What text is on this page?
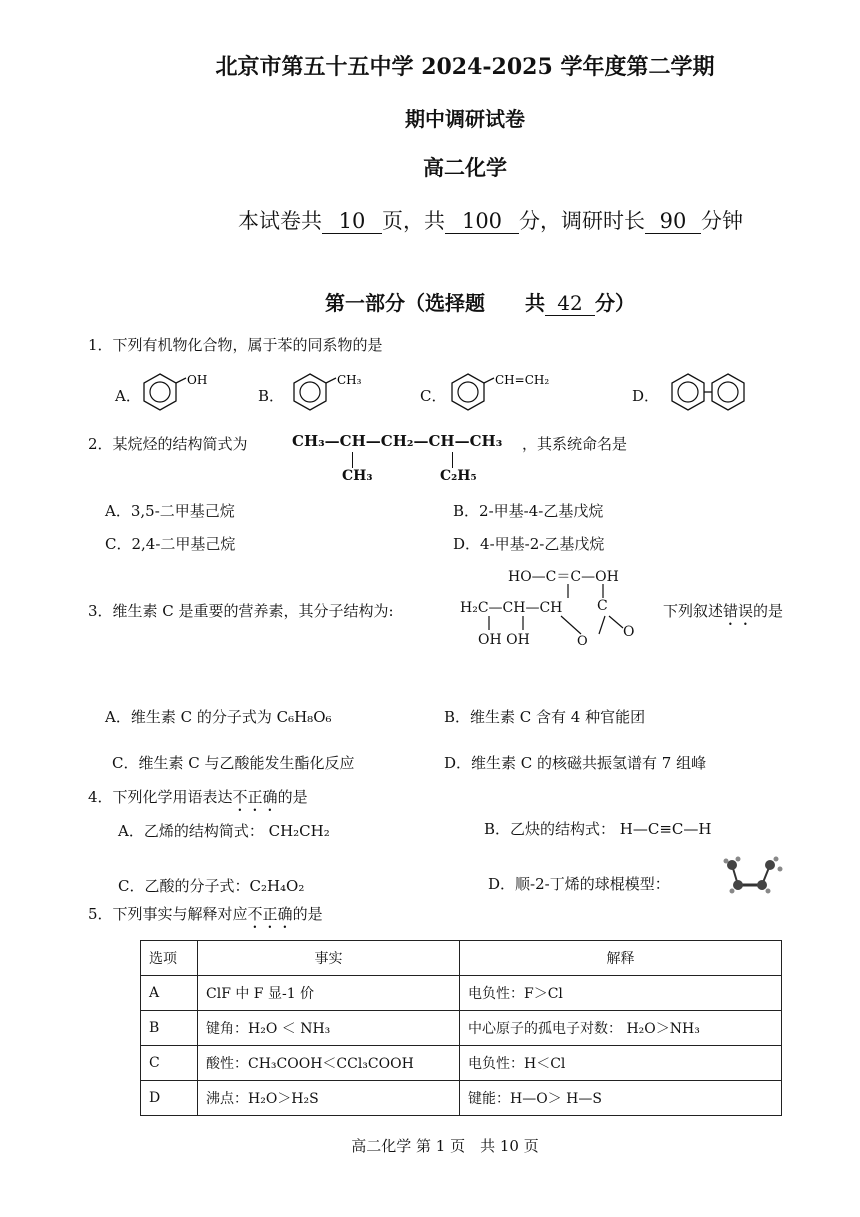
北京市第五十五中学 2024-2025 学年度第二学期
期中调研试卷
高二化学
本试卷共 10 页，共 100 分，调研时长 90 分钟
第一部分（选择题　　共 42 分）
1．下列有机物化合物，属于苯的同系物的是
A．
OH
B．
CH₃
C．
CH=CH₂
D．
2．某烷烃的结构简式为	CH₃—CH—CH₂—CH—CH₃ ，其系统命名是
CH₃	C₂H₅
A．3,5-二甲基己烷	B．2-甲基-4-乙基戊烷
C．2,4-二甲基己烷	D．4-甲基-2-乙基戊烷
3．维生素 C 是重要的营养素，其分子结构为:
HO—C＝C—OH
H₂C—CH—CH C
O
O
OH OH
下列叙述错误的是
A．维生素 C 的分子式为 C₆H₈O₆	B．维生素 C 含有 4 种官能团
C．维生素 C 与乙酸能发生酯化反应	D．维生素 C 的核磁共振氢谱有 7 组峰
4．下列化学用语表达不正确的是
A．乙烯的结构简式： CH₂CH₂	B．乙炔的结构式： H—C≡C—H
C．乙酸的分子式：C₂H₄O₂	D．顺-2-丁烯的球棍模型：
5．下列事实与解释对应不正确的是
选项	事实	解释
A	ClF 中 F 显-1 价	电负性：F＞Cl
B	键角：H₂O ＜ NH₃	中心原子的孤电子对数： H₂O＞NH₃
C	酸性：CH₃COOH＜CCl₃COOH	电负性：H＜Cl
D	沸点：H₂O＞H₂S	键能：H—O＞ H—S
高二化学 第 1 页　共 10 页
